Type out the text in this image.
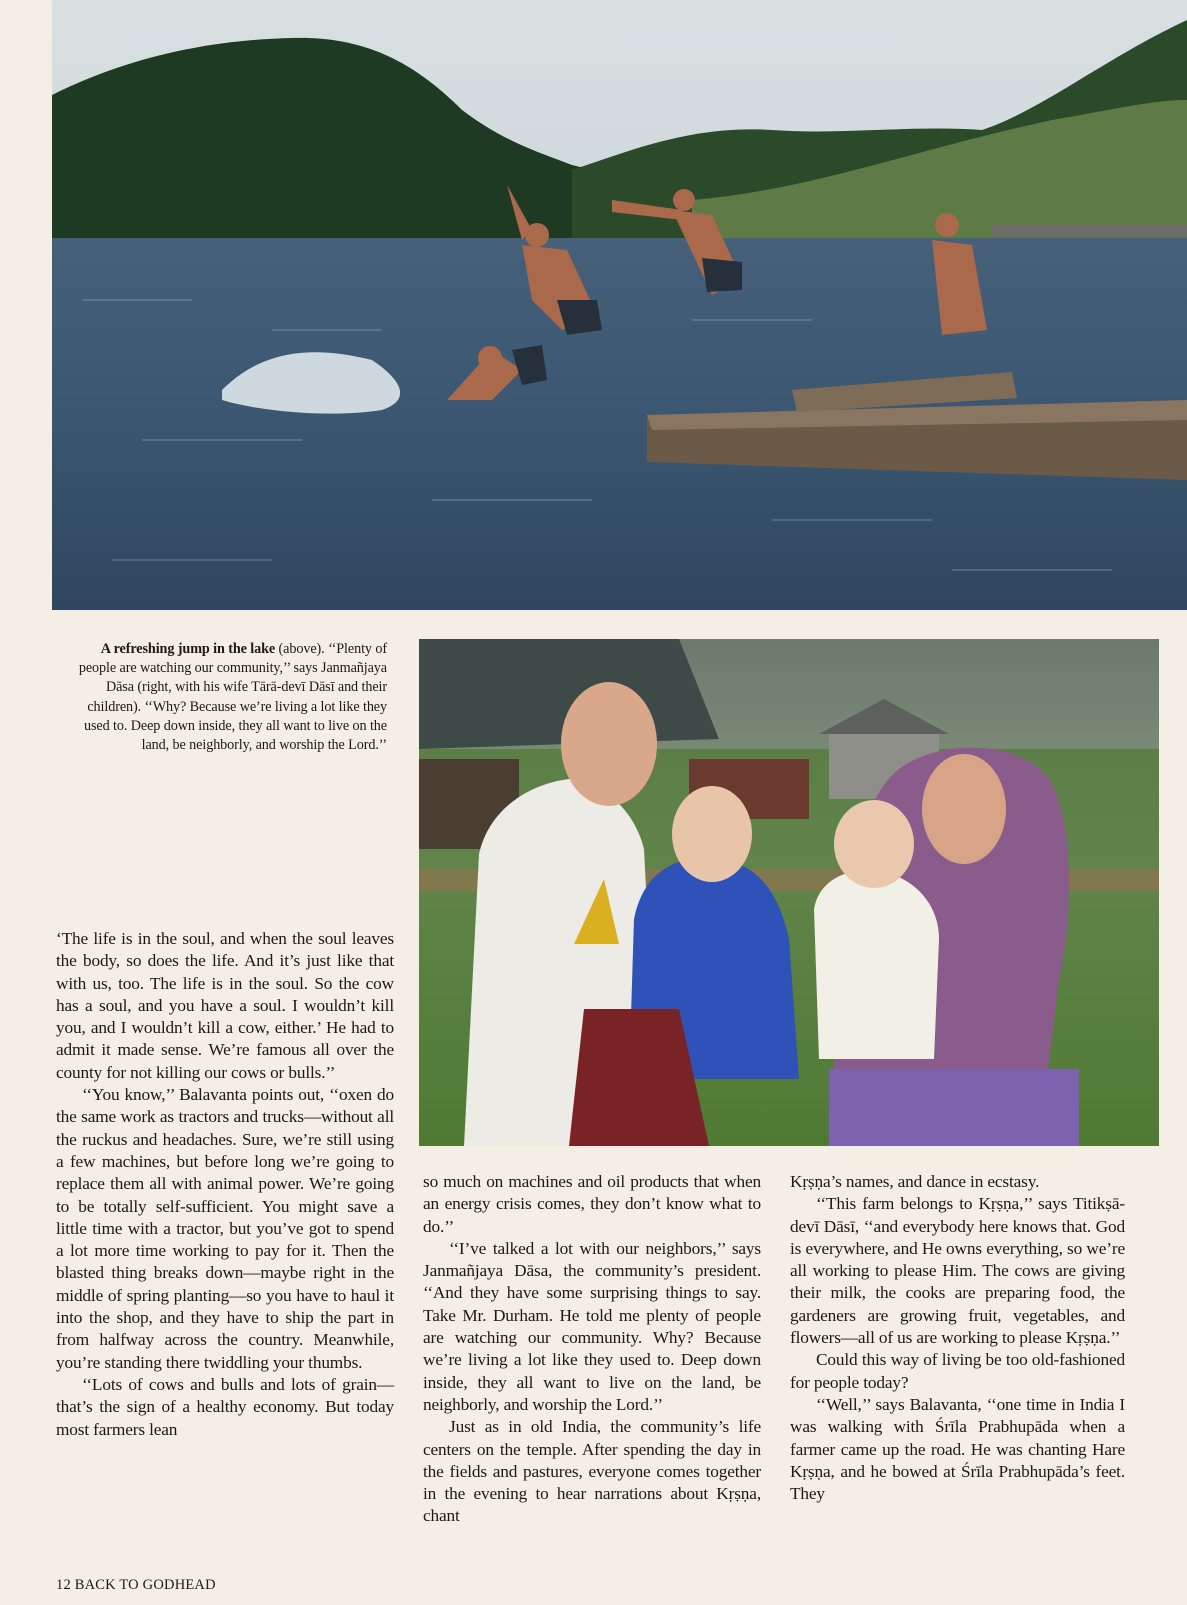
A refreshing jump in the lake (above). ‘‘Plenty of people are watching our community,’’ says Janmañjaya Dāsa (right, with his wife Tārā-devī Dāsī and their children). ‘‘Why? Because we’re living a lot like they used to. Deep down inside, they all want to live on the land, be neighborly, and worship the Lord.’’

‘The life is in the soul, and when the soul leaves the body, so does the life. And it’s just like that with us, too. The life is in the soul. So the cow has a soul, and you have a soul. I wouldn’t kill you, and I wouldn’t kill a cow, either.’ He had to admit it made sense. We’re famous all over the county for not killing our cows or bulls.’’

‘‘You know,’’ Balavanta points out, ‘‘oxen do the same work as tractors and trucks—without all the ruckus and headaches. Sure, we’re still using a few machines, but before long we’re going to replace them all with animal power. We’re going to be totally self-sufficient. You might save a little time with a tractor, but you’ve got to spend a lot more time working to pay for it. Then the blasted thing breaks down—maybe right in the middle of spring planting—so you have to haul it into the shop, and they have to ship the part in from halfway across the country. Meanwhile, you’re standing there twiddling your thumbs.

‘‘Lots of cows and bulls and lots of grain—that’s the sign of a healthy economy. But today most farmers lean

so much on machines and oil products that when an energy crisis comes, they don’t know what to do.’’

‘‘I’ve talked a lot with our neighbors,’’ says Janmañjaya Dāsa, the community’s president. ‘‘And they have some surprising things to say. Take Mr. Durham. He told me plenty of people are watching our community. Why? Because we’re living a lot like they used to. Deep down inside, they all want to live on the land, be neighborly, and worship the Lord.’’

Just as in old India, the community’s life centers on the temple. After spending the day in the fields and pastures, everyone comes together in the evening to hear narrations about Kṛṣṇa, chant

Kṛṣṇa’s names, and dance in ecstasy.

‘‘This farm belongs to Kṛṣṇa,’’ says Titikṣā-devī Dāsī, ‘‘and everybody here knows that. God is everywhere, and He owns everything, so we’re all working to please Him. The cows are giving their milk, the cooks are preparing food, the gardeners are growing fruit, vegetables, and flowers—all of us are working to please Kṛṣṇa.’’

Could this way of living be too old-fashioned for people today?

‘‘Well,’’ says Balavanta, ‘‘one time in India I was walking with Śrīla Prabhupāda when a farmer came up the road. He was chanting Hare Kṛṣṇa, and he bowed at Śrīla Prabhupāda’s feet. They

12 BACK TO GODHEAD
